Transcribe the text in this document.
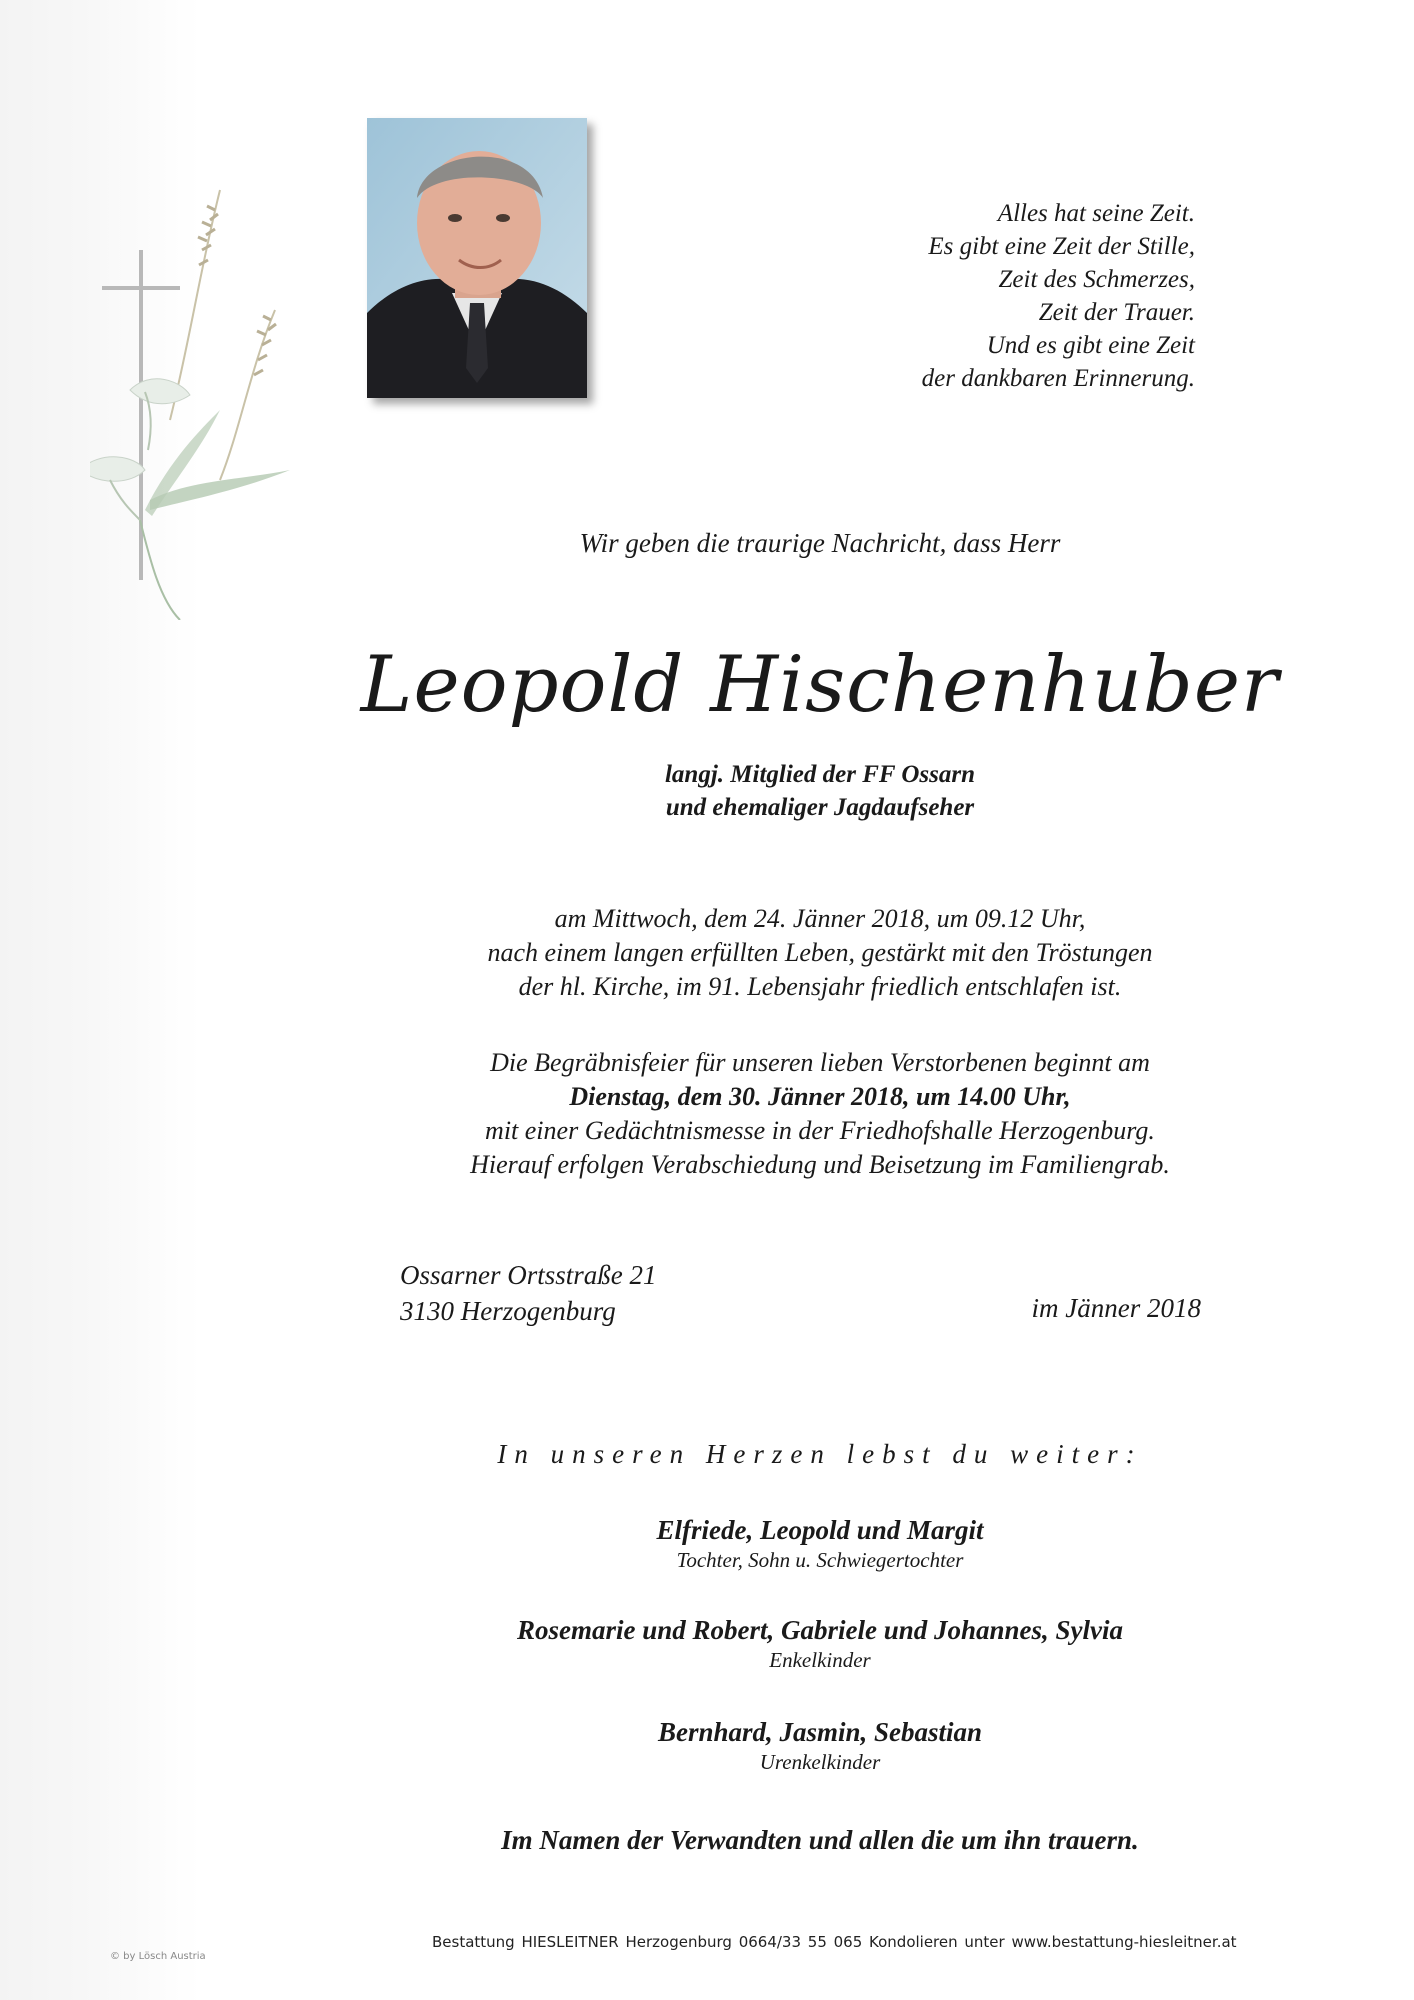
Alles hat seine Zeit.
Es gibt eine Zeit der Stille,
Zeit des Schmerzes,
Zeit der Trauer.
Und es gibt eine Zeit
der dankbaren Erinnerung.
Wir geben die traurige Nachricht, dass Herr
Leopold Hischenhuber
langj. Mitglied der FF Ossarn
und ehemaliger Jagdaufseher
am Mittwoch, dem 24. Jänner 2018, um 09.12 Uhr,
nach einem langen erfüllten Leben, gestärkt mit den Tröstungen
der hl. Kirche, im 91. Lebensjahr friedlich entschlafen ist.
Die Begräbnisfeier für unseren lieben Verstorbenen beginnt am
Dienstag, dem 30. Jänner 2018, um 14.00 Uhr,
mit einer Gedächtnismesse in der Friedhofshalle Herzogenburg.
Hierauf erfolgen Verabschiedung und Beisetzung im Familiengrab.
Ossarner Ortsstraße 21
3130 Herzogenburg	im Jänner 2018
In unseren Herzen lebst du weiter:
Elfriede, Leopold und Margit
Tochter, Sohn u. Schwiegertochter
Rosemarie und Robert, Gabriele und Johannes, Sylvia
Enkelkinder
Bernhard, Jasmin, Sebastian
Urenkelkinder
Im Namen der Verwandten und allen die um ihn trauern.
© by Lösch Austria
Bestattung HIESLEITNER Herzogenburg 0664/33 55 065 Kondolieren unter www.bestattung-hiesleitner.at
